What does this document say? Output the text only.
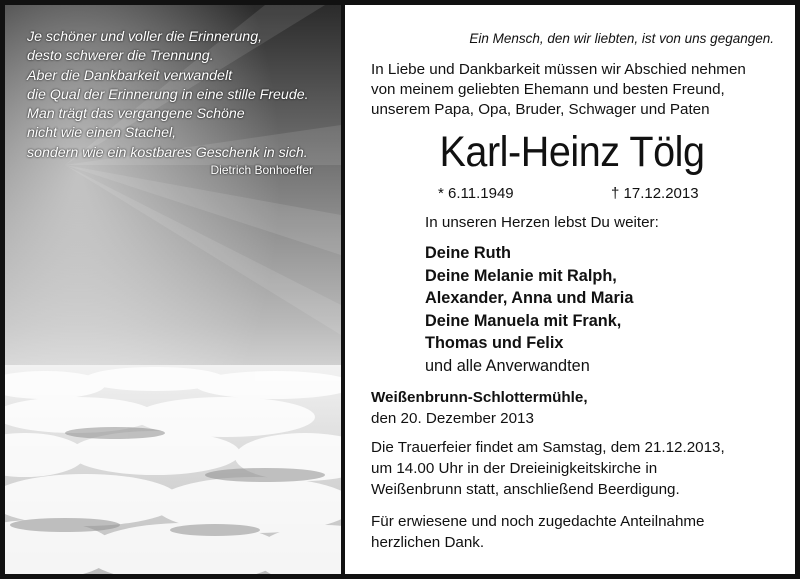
Je schöner und voller die Erinnerung,
desto schwerer die Trennung.
Aber die Dankbarkeit verwandelt
die Qual der Erinnerung in eine stille Freude.
Man trägt das vergangene Schöne
nicht wie einen Stachel,
sondern wie ein kostbares Geschenk in sich.
Dietrich Bonhoeffer
Ein Mensch, den wir liebten, ist von uns gegangen.
In Liebe und Dankbarkeit müssen wir Abschied nehmen
von meinem geliebten Ehemann und besten Freund,
unserem Papa, Opa, Bruder, Schwager und Paten
Karl-Heinz Tölg
* 6.11.1949	† 17.12.2013
In unseren Herzen lebst Du weiter:
Deine Ruth
Deine Melanie mit Ralph,
Alexander, Anna und Maria
Deine Manuela mit Frank,
Thomas und Felix
und alle Anverwandten
Weißenbrunn-Schlottermühle,
den 20. Dezember 2013
Die Trauerfeier findet am Samstag, dem 21.12.2013,
um 14.00 Uhr in der Dreieinigkeitskirche in
Weißenbrunn statt, anschließend Beerdigung.
Für erwiesene und noch zugedachte Anteilnahme
herzlichen Dank.
